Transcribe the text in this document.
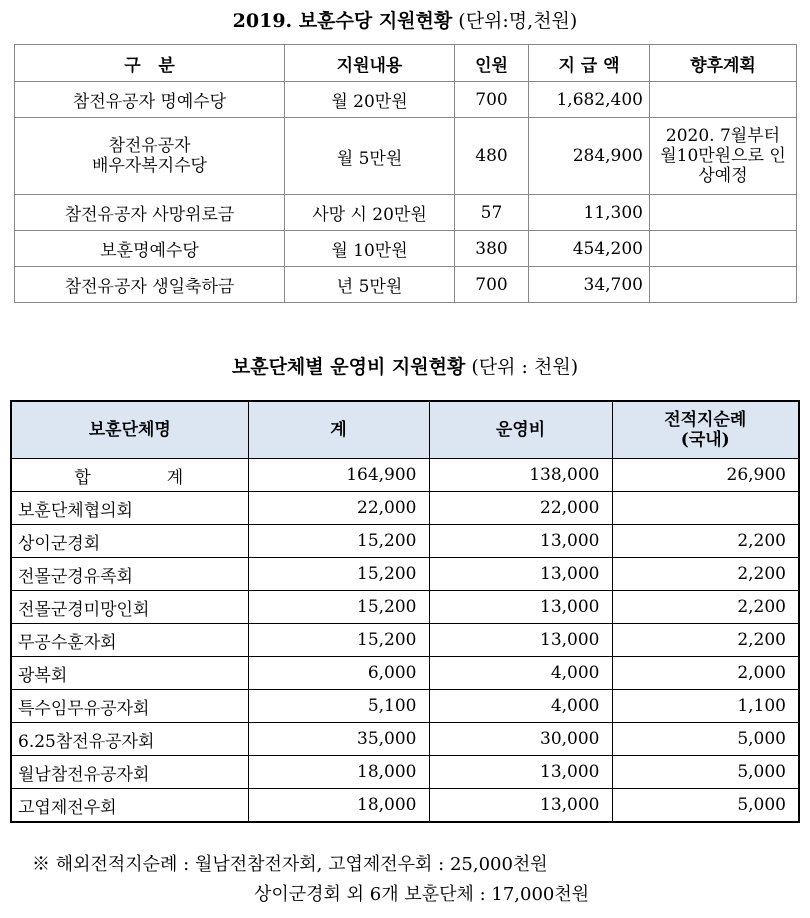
2019. 보훈수당 지원현황 (단위:명,천원)
구   분	지원내용	인원	지 급 액	향후계획
참전유공자 명예수당	월 20만원	700	1,682,400	

참전유공자
배우자복지수당	월 5만원	480	284,900	2020. 7월부터 월10만원으로 인상예정
참전유공자 사망위로금	사망 시 20만원	57	11,300	
보훈명예수당	월 10만원	380	454,200	
참전유공자 생일축하금	년 5만원	700	34,700	
보훈단체별 운영비 지원현황 (단위 : 천원)
보훈단체명	계	운영비	전적지순례
(국내)

합 계	164,900	138,000	26,900
보훈단체협의회	22,000	22,000	
상이군경회	15,200	13,000	2,200
전몰군경유족회	15,200	13,000	2,200
전몰군경미망인회	15,200	13,000	2,200
무공수훈자회	15,200	13,000	2,200
광복회	6,000	4,000	2,000
특수임무유공자회	5,100	4,000	1,100
6.25참전유공자회	35,000	30,000	5,000
월남참전유공자회	18,000	13,000	5,000
고엽제전우회	18,000	13,000	5,000
※ 해외전적지순례 : 월남전참전자회, 고엽제전우회 : 25,000천원
상이군경회 외 6개 보훈단체 : 17,000천원
